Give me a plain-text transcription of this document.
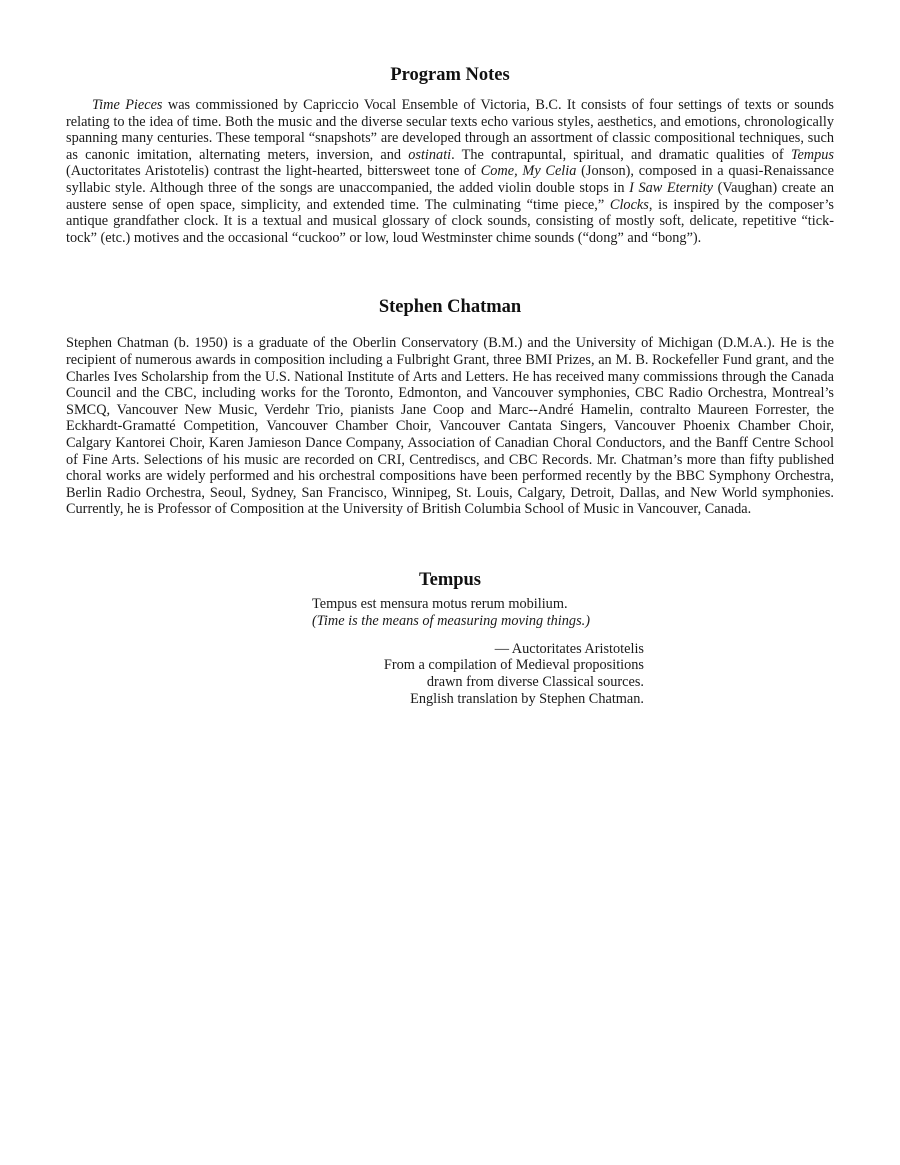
Program Notes

Time Pieces was commissioned by Capriccio Vocal Ensemble of Victoria, B.C. It consists of four settings of texts or sounds relating to the idea of time. Both the music and the diverse secular texts echo various styles, aesthetics, and emotions, chronologically spanning many centuries. These temporal “snapshots” are developed through an assortment of classic compositional techniques, such as canonic imitation, alternating meters, inversion, and ostinati. The contrapuntal, spiritual, and dramatic qualities of Tempus (Auctoritates Aristotelis) contrast the light-hearted, bittersweet tone of Come, My Celia (Jonson), composed in a quasi-Renaissance syllabic style. Although three of the songs are unaccompanied, the added violin double stops in I Saw Eternity (Vaughan) create an austere sense of open space, simplicity, and extended time. The culminating “time piece,” Clocks, is inspired by the composer’s antique grandfather clock. It is a textual and musical glossary of clock sounds, consisting of mostly soft, delicate, repetitive “tick-tock” (etc.) motives and the occasional “cuckoo” or low, loud Westminster chime sounds (“dong” and “bong”).

Stephen Chatman

Stephen Chatman (b. 1950) is a graduate of the Oberlin Conservatory (B.M.) and the University of Michigan (D.M.A.). He is the recipient of numerous awards in composition including a Fulbright Grant, three BMI Prizes, an M. B. Rockefeller Fund grant, and the Charles Ives Scholarship from the U.S. National Institute of Arts and Letters. He has received many commissions through the Canada Council and the CBC, including works for the Toronto, Edmonton, and Vancouver symphonies, CBC Radio Orchestra, Montreal’s SMCQ, Vancouver New Music, Verdehr Trio, pianists Jane Coop and Marc--André Hamelin, contralto Maureen Forrester, the Eckhardt-Gramatté Competition, Vancouver Chamber Choir, Vancouver Cantata Singers, Vancouver Phoenix Chamber Choir, Calgary Kantorei Choir, Karen Jamieson Dance Company, Association of Canadian Choral Conductors, and the Banff Centre School of Fine Arts. Selections of his music are recorded on CRI, Centrediscs, and CBC Records. Mr. Chatman’s more than fifty published choral works are widely performed and his orchestral compositions have been performed recently by the BBC Symphony Orchestra, Berlin Radio Orchestra, Seoul, Sydney, San Francisco, Winnipeg, St. Louis, Calgary, Detroit, Dallas, and New World symphonies. Currently, he is Professor of Composition at the University of British Columbia School of Music in Vancouver, Canada.

Tempus
Tempus est mensura motus rerum mobilium.
(Time is the means of measuring moving things.)
— Auctoritates Aristotelis
From a compilation of Medieval propositions
drawn from diverse Classical sources.
English translation by Stephen Chatman.
